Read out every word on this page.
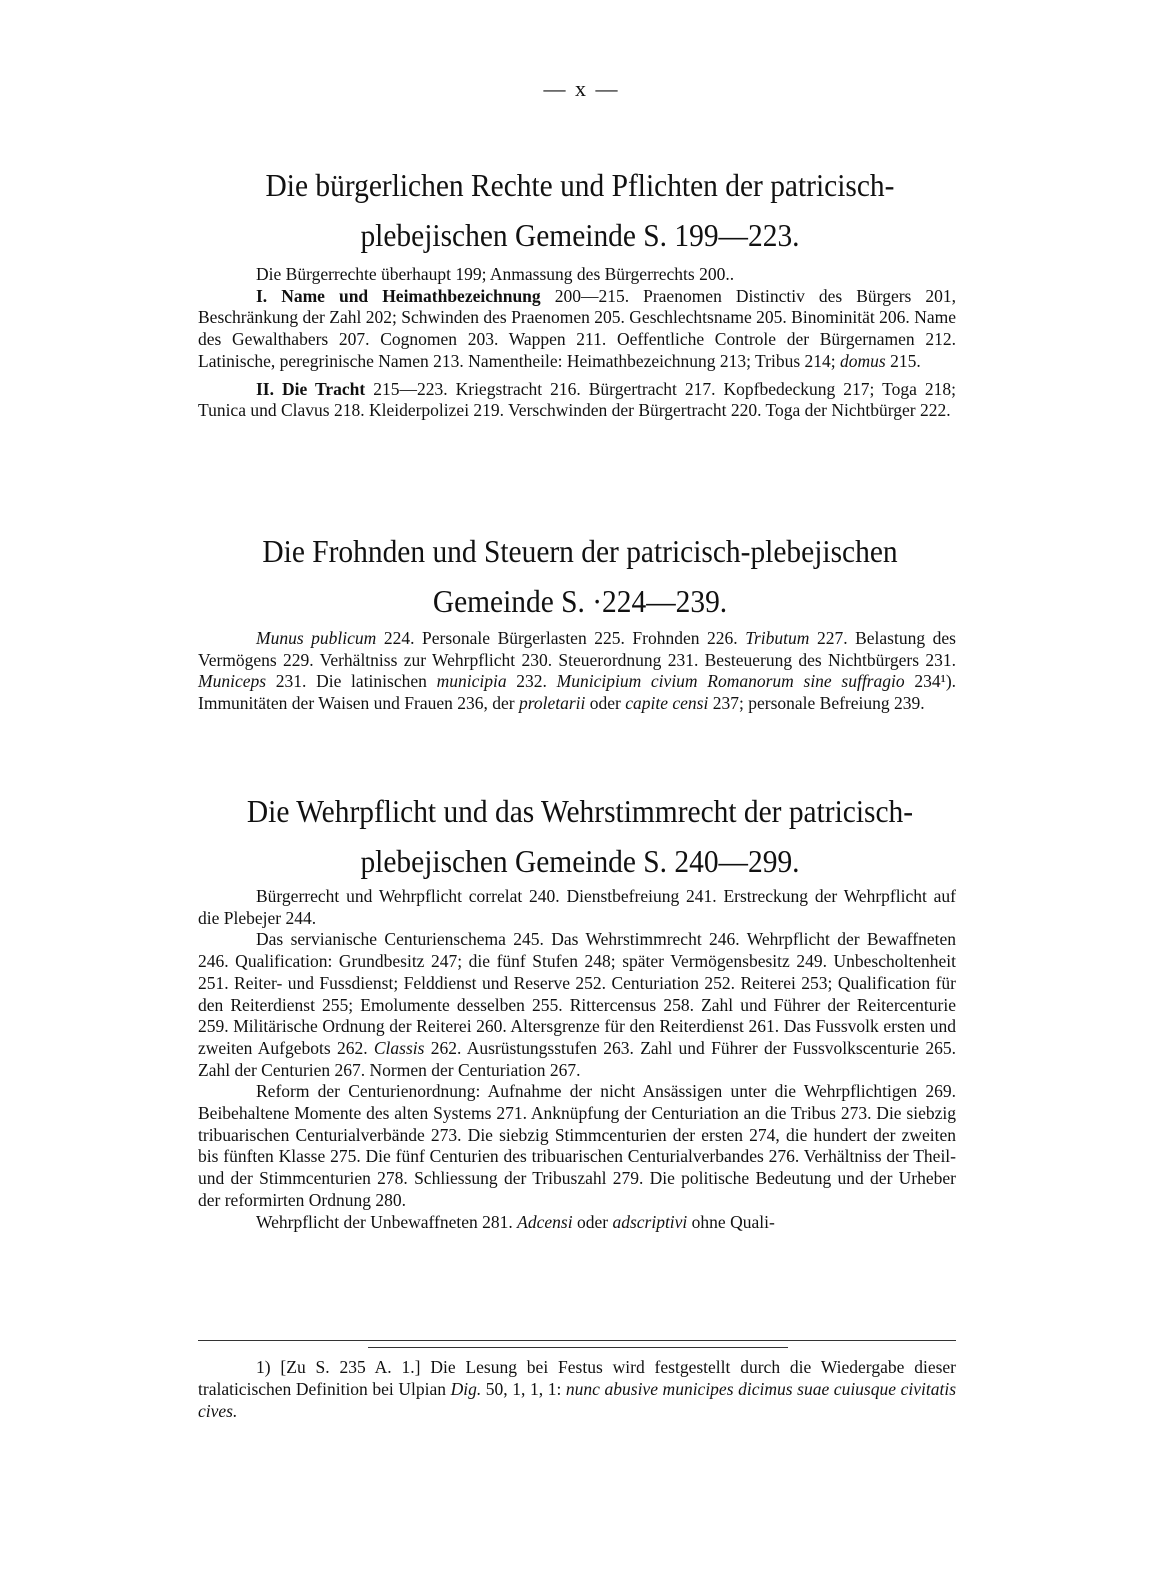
— x —
Die bürgerlichen Rechte und Pflichten der patricisch-
plebejischen Gemeinde S. 199—223.

Die Bürgerrechte überhaupt 199; Anmassung des Bürgerrechts 200..

I. Name und Heimathbezeichnung 200—215. Praenomen Distinctiv des Bürgers 201, Beschränkung der Zahl 202; Schwinden des Praenomen 205. Geschlechtsname 205. Binominität 206. Name des Gewalthabers 207. Cognomen 203. Wappen 211. Oeffentliche Controle der Bürgernamen 212. Latinische, peregrinische Namen 213. Namentheile: Heimathbezeichnung 213; Tribus 214; domus 215.

II. Die Tracht 215—223. Kriegstracht 216. Bürgertracht 217. Kopfbedeckung 217; Toga 218; Tunica und Clavus 218. Kleiderpolizei 219. Verschwinden der Bürgertracht 220. Toga der Nichtbürger 222.

Die Frohnden und Steuern der patricisch-plebejischen
Gemeinde S. ·224—239.

Munus publicum 224. Personale Bürgerlasten 225. Frohnden 226. Tributum 227. Belastung des Vermögens 229. Verhältniss zur Wehrpflicht 230. Steuerordnung 231. Besteuerung des Nichtbürgers 231. Municeps 231. Die latinischen municipia 232. Municipium civium Romanorum sine suffragio 234¹). Immunitäten der Waisen und Frauen 236, der proletarii oder capite censi 237; personale Befreiung 239.

Die Wehrpflicht und das Wehrstimmrecht der patricisch-
plebejischen Gemeinde S. 240—299.

Bürgerrecht und Wehrpflicht correlat 240. Dienstbefreiung 241. Erstreckung der Wehrpflicht auf die Plebejer 244.

Das servianische Centurienschema 245. Das Wehrstimmrecht 246. Wehrpflicht der Bewaffneten 246. Qualification: Grundbesitz 247; die fünf Stufen 248; später Vermögensbesitz 249. Unbescholtenheit 251. Reiter- und Fussdienst; Felddienst und Reserve 252. Centuriation 252. Reiterei 253; Qualification für den Reiterdienst 255; Emolumente desselben 255. Rittercensus 258. Zahl und Führer der Reitercenturie 259. Militärische Ordnung der Reiterei 260. Altersgrenze für den Reiterdienst 261. Das Fussvolk ersten und zweiten Aufgebots 262. Classis 262. Ausrüstungsstufen 263. Zahl und Führer der Fussvolkscenturie 265. Zahl der Centurien 267. Normen der Centuriation 267.

Reform der Centurienordnung: Aufnahme der nicht Ansässigen unter die Wehrpflichtigen 269. Beibehaltene Momente des alten Systems 271. Anknüpfung der Centuriation an die Tribus 273. Die siebzig tribuarischen Centurialverbände 273. Die siebzig Stimmcenturien der ersten 274, die hundert der zweiten bis fünften Klasse 275. Die fünf Centurien des tribuarischen Centurialverbandes 276. Verhältniss der Theil- und der Stimmcenturien 278. Schliessung der Tribuszahl 279. Die politische Bedeutung und der Urheber der reformirten Ordnung 280.

Wehrpflicht der Unbewaffneten 281. Adcensi oder adscriptivi ohne Quali-

1) [Zu S. 235 A. 1.] Die Lesung bei Festus wird festgestellt durch die Wiedergabe dieser tralaticischen Definition bei Ulpian Dig. 50, 1, 1, 1: nunc abusive municipes dicimus suae cuiusque civitatis cives.
